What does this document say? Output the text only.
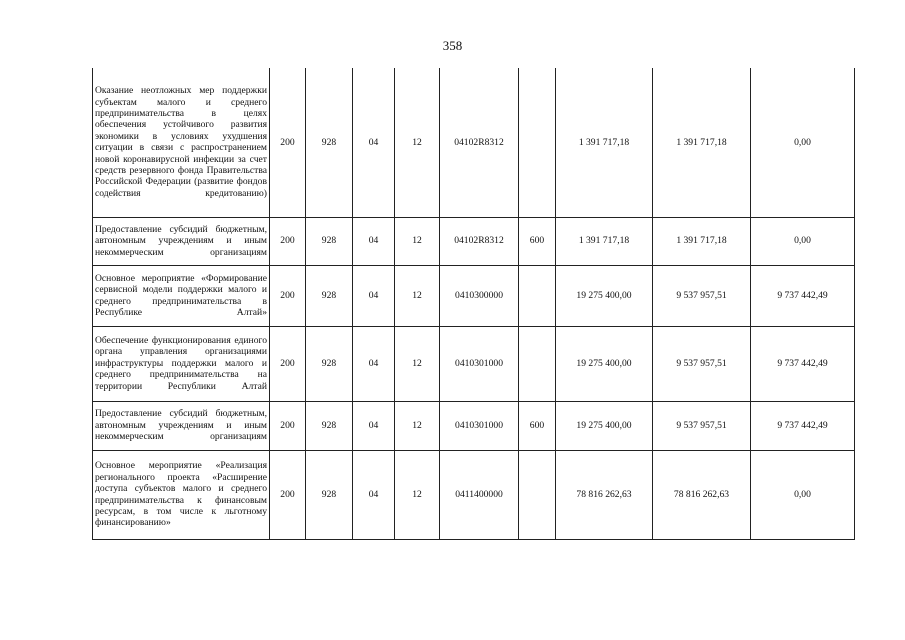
358
Оказание неотложных мер поддержки субъектам малого и среднего предпринимательства в целях обеспечения устойчивого развития экономики в условиях ухудшения ситуации в связи с распространением новой коронавирусной инфекции за счет средств резервного фонда Правительства Российской Федерации (развитие фондов содействия кредитованию)	200	928	04	12	04102R8312		1 391 717,18	1 391 717,18	0,00
Предоставление субсидий бюджетным, автономным учреждениям и иным некоммерческим организациям	200	928	04	12	04102R8312	600	1 391 717,18	1 391 717,18	0,00
Основное мероприятие «Формирование сервисной модели поддержки малого и среднего предпринимательства в Республике Алтай»	200	928	04	12	0410300000		19 275 400,00	9 537 957,51	9 737 442,49
Обеспечение функционирования единого органа управления организациями инфраструктуры поддержки малого и среднего предпринимательства на территории Республики Алтай	200	928	04	12	0410301000		19 275 400,00	9 537 957,51	9 737 442,49
Предоставление субсидий бюджетным, автономным учреждениям и иным некоммерческим организациям	200	928	04	12	0410301000	600	19 275 400,00	9 537 957,51	9 737 442,49
Основное мероприятие «Реализация регионального проекта «Расширение доступа субъектов малого и среднего предпринимательства к финансовым ресурсам, в том числе к льготному финансированию»	200	928	04	12	0411400000		78 816 262,63	78 816 262,63	0,00
